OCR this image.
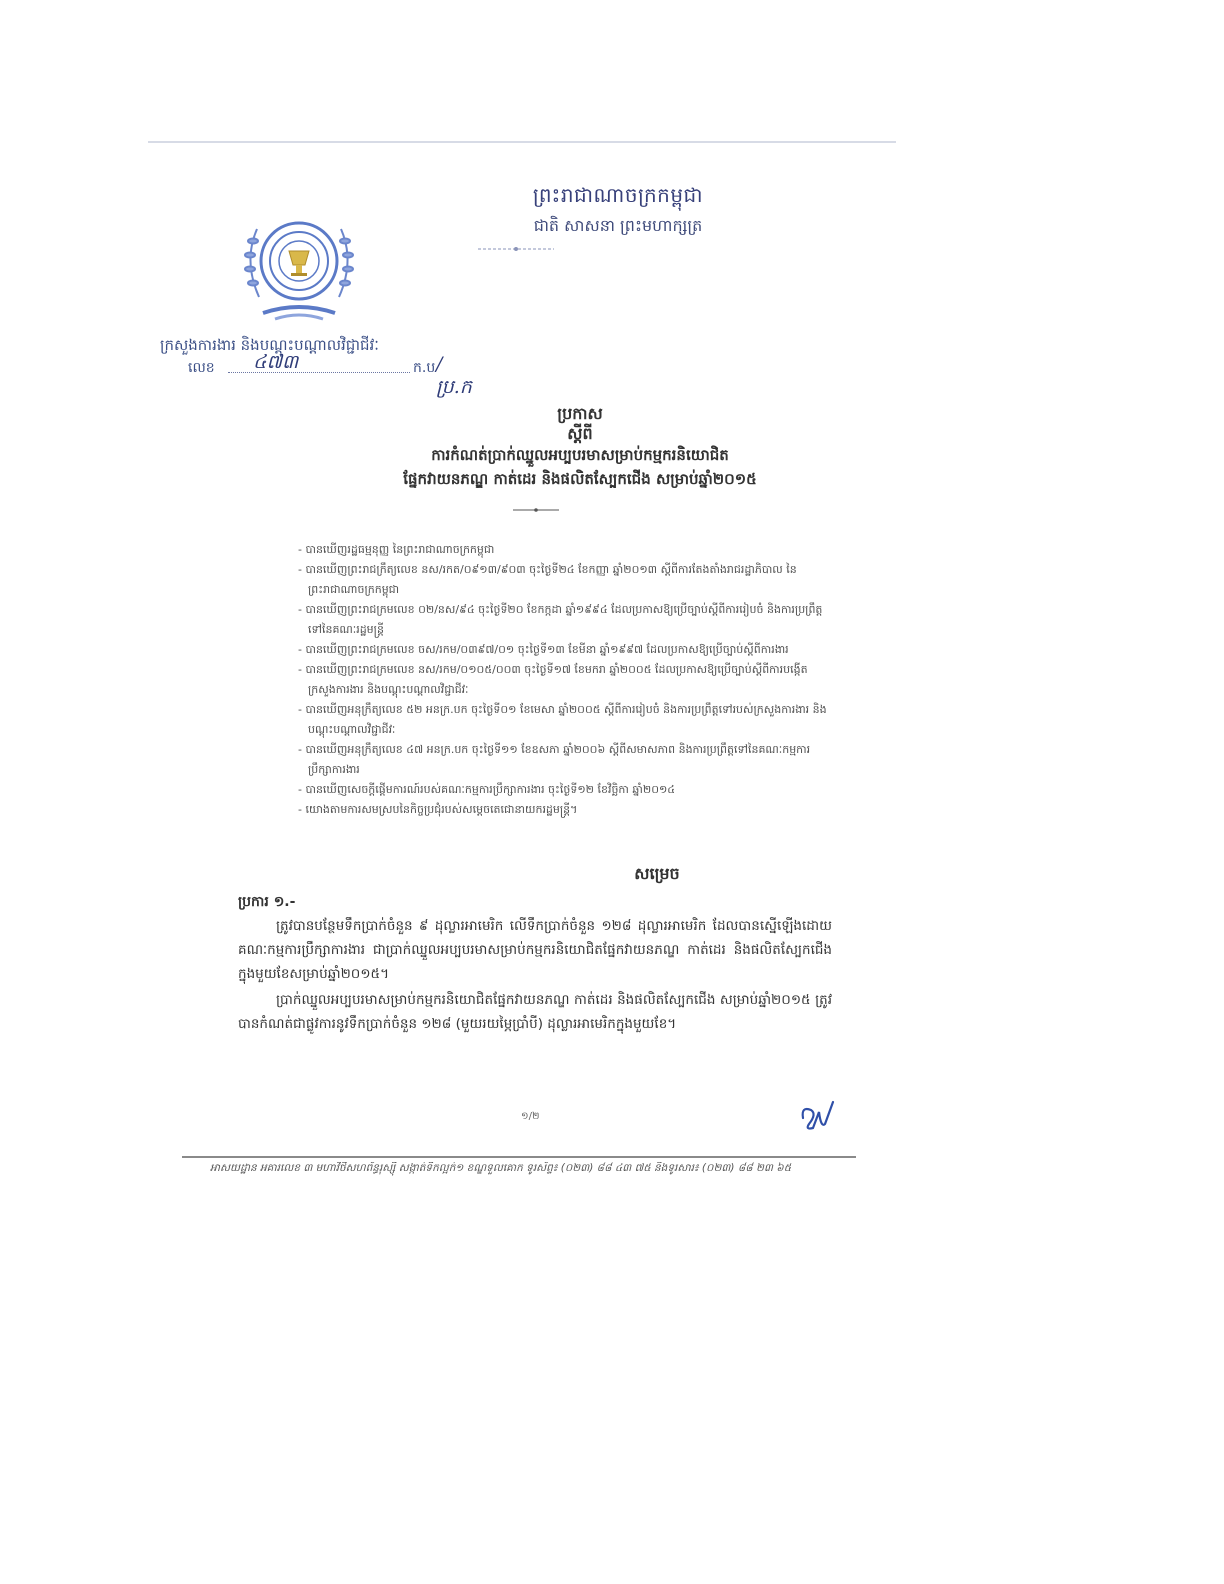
ព្រះរាជាណាចក្រកម្ពុជា
ជាតិ សាសនា ព្រះមហាក្សត្រ
ក្រសួងការងារ និងបណ្តុះបណ្តាលវិជ្ជាជីវៈ
លេខ ៤៧៣	ក.ប /ប្រ.ក
ប្រកាស
ស្តីពី
ការកំណត់ប្រាក់ឈ្នួលអប្បបរមាសម្រាប់កម្មករនិយោជិត
ផ្នែកវាយនភណ្ឌ កាត់ដេរ និងផលិតស្បែកជើង សម្រាប់ឆ្នាំ២០១៥
- បានឃើញរដ្ឋធម្មនុញ្ញ នៃព្រះរាជាណាចក្រកម្ពុជា
- បានឃើញព្រះរាជក្រឹត្យលេខ នស/រកត/០៩១៣/៩០៣ ចុះថ្ងៃទី២៤ ខែកញ្ញា ឆ្នាំ២០១៣ ស្តីពីការតែងតាំងរាជរដ្ឋាភិបាល នៃព្រះរាជាណាចក្រកម្ពុជា
- បានឃើញព្រះរាជក្រមលេខ ០២/នស/៩៤ ចុះថ្ងៃទី២០ ខែកក្កដា ឆ្នាំ១៩៩៤ ដែលប្រកាសឱ្យប្រើច្បាប់ស្តីពីការរៀបចំ និងការប្រព្រឹត្តទៅនៃគណៈរដ្ឋមន្ត្រី
- បានឃើញព្រះរាជក្រមលេខ ចស/រកម/០៣៩៧/០១ ចុះថ្ងៃទី១៣ ខែមីនា ឆ្នាំ១៩៩៧ ដែលប្រកាសឱ្យប្រើច្បាប់ស្តីពីការងារ
- បានឃើញព្រះរាជក្រមលេខ នស/រកម/០១០៥/០០៣ ចុះថ្ងៃទី១៧ ខែមករា ឆ្នាំ២០០៥ ដែលប្រកាសឱ្យប្រើច្បាប់ស្តីពីការបង្កើតក្រសួងការងារ និងបណ្តុះបណ្តាលវិជ្ជាជីវៈ
- បានឃើញអនុក្រឹត្យលេខ ៥២ អនក្រ.បក ចុះថ្ងៃទី០១ ខែមេសា ឆ្នាំ២០០៥ ស្តីពីការរៀបចំ និងការប្រព្រឹត្តទៅរបស់ក្រសួងការងារ និងបណ្តុះបណ្តាលវិជ្ជាជីវៈ
- បានឃើញអនុក្រឹត្យលេខ ៤៧ អនក្រ.បក ចុះថ្ងៃទី១១ ខែឧសភា ឆ្នាំ២០០៦ ស្តីពីសមាសភាព និងការប្រព្រឹត្តទៅនៃគណៈកម្មការប្រឹក្សាការងារ
- បានឃើញសេចក្តីផ្តើមការណ៍របស់គណៈកម្មការប្រឹក្សាការងារ ចុះថ្ងៃទី១២ ខែវិច្ឆិកា ឆ្នាំ២០១៤
- យោងតាមការសមស្របនៃកិច្ចប្រជុំរបស់សម្តេចតេជោនាយករដ្ឋមន្ត្រី។
សម្រេច
ប្រការ ១.-

ត្រូវបានបន្ថែមទឹកប្រាក់ចំនួន ៩ ដុល្លារអាមេរិក លើទឹកប្រាក់ចំនួន ១២៨ ដុល្លារអាមេរិក ដែលបានស្នើឡើងដោយគណៈកម្មការប្រឹក្សាការងារ ជាប្រាក់ឈ្នួលអប្បបរមាសម្រាប់កម្មករនិយោជិតផ្នែកវាយនភណ្ឌ កាត់ដេរ និងផលិតស្បែកជើង ក្នុងមួយខែសម្រាប់ឆ្នាំ២០១៥។

ប្រាក់ឈ្នួលអប្បបរមាសម្រាប់កម្មករនិយោជិតផ្នែកវាយនភណ្ឌ កាត់ដេរ និងផលិតស្បែកជើង សម្រាប់ឆ្នាំ២០១៥ ត្រូវបានកំណត់ជាផ្លូវការនូវទឹកប្រាក់ចំនួន ១២៨ (មួយរយម្ភៃប្រាំបី) ដុល្លារអាមេរិកក្នុងមួយខែ។

១/២
អាសយដ្ឋាន អគារលេខ ៣ មហាវិថីសហព័ន្ធរុស្ស៊ី សង្កាត់ទឹកល្អក់១ ខណ្ឌទួលគោក ទូរស័ព្ទ៖ (០២៣) ៨៨ ៤៣ ៧៥ និងទូរសារ៖ (០២៣) ៨៨ ២៣ ៦៥
